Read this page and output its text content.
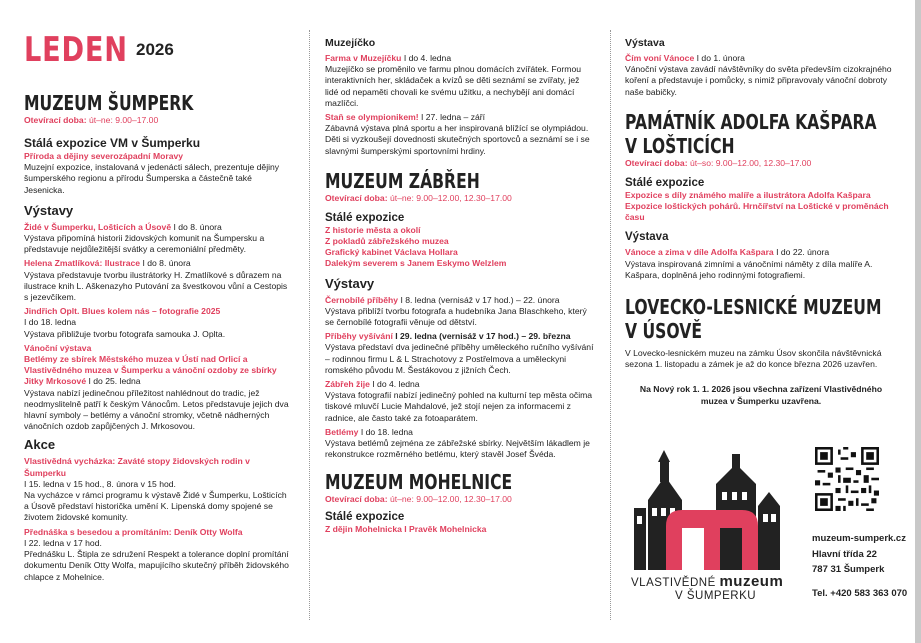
LEDEN 2026
MUZEUM ŠUMPERK
Otevírací doba: út–ne: 9.00–17.00
Stálá expozice VM v Šumperku
Příroda a dějiny severozápadní Moravy
Muzejní expozice, instalovaná v jedenácti sálech, prezentuje dějiny šumperského regionu a přírodu Šumperska a částečně také Jesenicka.
Výstavy
Židé v Šumperku, Lošticích a Úsově I do 8. února
Výstava připomíná historii židovských komunit na Šumpersku a představuje nejdůležitější svátky a ceremoniální předměty.
Helena Zmatlíková: Ilustrace I do 8. února
Výstava představuje tvorbu ilustrátorky H. Zmatlíkové s důrazem na ilustrace knih L. Aškenazyho Putování za švestkovou vůní a Cestopis s jezevčíkem.
Jindřich Oplt. Blues kolem nás – fotografie 2025
I do 18. ledna
Výstava přibližuje tvorbu fotografa samouka J. Oplta.
Vánoční výstava
Betlémy ze sbírek Městského muzea v Ústí nad Orlicí a Vlastivědného muzea v Šumperku a vánoční ozdoby ze sbírky Jitky Mrkosové I do 25. ledna
Výstava nabízí jedinečnou příležitost nahlédnout do tradic, jež neodmyslitelně patří k českým Vánocům. Letos představuje jejich dva hlavní symboly – betlémy a vánoční stromky, včetně nádherných vánočních ozdob zapůjčených J. Mrkosovou.
Akce
Vlastivědná vycházka: Zaváté stopy židovských rodin v Šumperku
I 15. ledna v 15 hod., 8. února v 15 hod.
Na vycházce v rámci programu k výstavě Židé v Šumperku, Lošticích a Úsově představí historička umění K. Lipenská domy spojené se životem židovské komunity.
Přednáška s besedou a promítáním: Deník Otty Wolfa
I 22. ledna v 17 hod.
Přednášku L. Štipla ze sdružení Respekt a tolerance doplní promítání dokumentu Deník Otty Wolfa, mapujícího skutečný příběh židovského chlapce z Mohelnice.
Muzejíčko
Farma v Muzejíčku I do 4. ledna
Muzejíčko se proměnilo ve farmu plnou domácích zvířátek. Formou interaktivních her, skládaček a kvízů se děti seznámí se zvířaty, jež lidé od nepaměti chovali ke svému užitku, a nechybějí ani domácí mazlíčci.
Staň se olympionikem! I 27. ledna – září
Zábavná výstava plná sportu a her inspirovaná blížící se olympiádou. Děti si vyzkoušejí dovednosti skutečných sportovců a seznámí se i se slavnými šumperskými sportovními hrdiny.
MUZEUM ZÁBŘEH
Otevírací doba: út–ne: 9.00–12.00, 12.30–17.00
Stálé expozice
Z historie města a okolí
Z pokladů zábřežského muzea
Grafický kabinet Václava Hollara
Dalekým severem s Janem Eskymo Welzlem
Výstavy
Černobílé příběhy I 8. ledna (vernisáž v 17 hod.) – 22. února
Výstava přiblíží tvorbu fotografa a hudebníka Jana Blaschkeho, který se černobílé fotografii věnuje od dětství.
Příběhy vyšívání I 29. ledna (vernisáž v 17 hod.) – 29. března
Výstava představí dva jedinečné příběhy uměleckého ručního vyšívání – rodinnou firmu L & L Strachotovy z Postřelmova a uměleckyni romského původu M. Šestákovou z jižních Čech.
Zábřeh žije I do 4. ledna
Výstava fotografií nabízí jedinečný pohled na kulturní tep města očima tiskové mluvčí Lucie Mahdalové, jež stojí nejen za informacemi z radnice, ale často také za fotoaparátem.
Betlémy I do 18. ledna
Výstava betlémů zejména ze zábřežské sbírky. Největším lákadlem je rekonstrukce rozměrného betlému, který stavěl Josef Švéda.
MUZEUM MOHELNICE
Otevírací doba: út–ne: 9.00–12.00, 12.30–17.00
Stálé expozice
Z dějin Mohelnicka I Pravěk Mohelnicka
Výstava
Čím voní Vánoce I do 1. února
Vánoční výstava zavádí návštěvníky do světa především cizokrajného koření a představuje i pomůcky, s nimiž připravovaly vánoční dobroty naše babičky.
PAMÁTNÍK ADOLFA KAŠPARA
V LOŠTICÍCH
Otevírací doba: út–so: 9.00–12.00, 12.30–17.00
Stálé expozice
Expozice s díly známého malíře a ilustrátora Adolfa Kašpara
Expozice loštických pohárů. Hrnčířství na Loštické v proměnách času
Výstava
Vánoce a zima v díle Adolfa Kašpara I do 22. února
Výstava inspirovaná zimními a vánočními náměty z díla malíře A. Kašpara, doplněná jeho rodinnými fotografiemi.
LOVECKO-LESNICKÉ MUZEUM
V ÚSOVĚ
V Lovecko-lesnickém muzeu na zámku Úsov skončila návštěvnická sezona 1. listopadu a zámek je až do konce března 2026 uzavřen.
Na Nový rok 1. 1. 2026 jsou všechna zařízení Vlastivědného muzea v Šumperku uzavřena.
VLASTIVĚDNÉ muzeum
V ŠUMPERKU
muzeum-sumperk.cz
Hlavní třída 22
787 31 Šumperk
Tel. +420 583 363 070
